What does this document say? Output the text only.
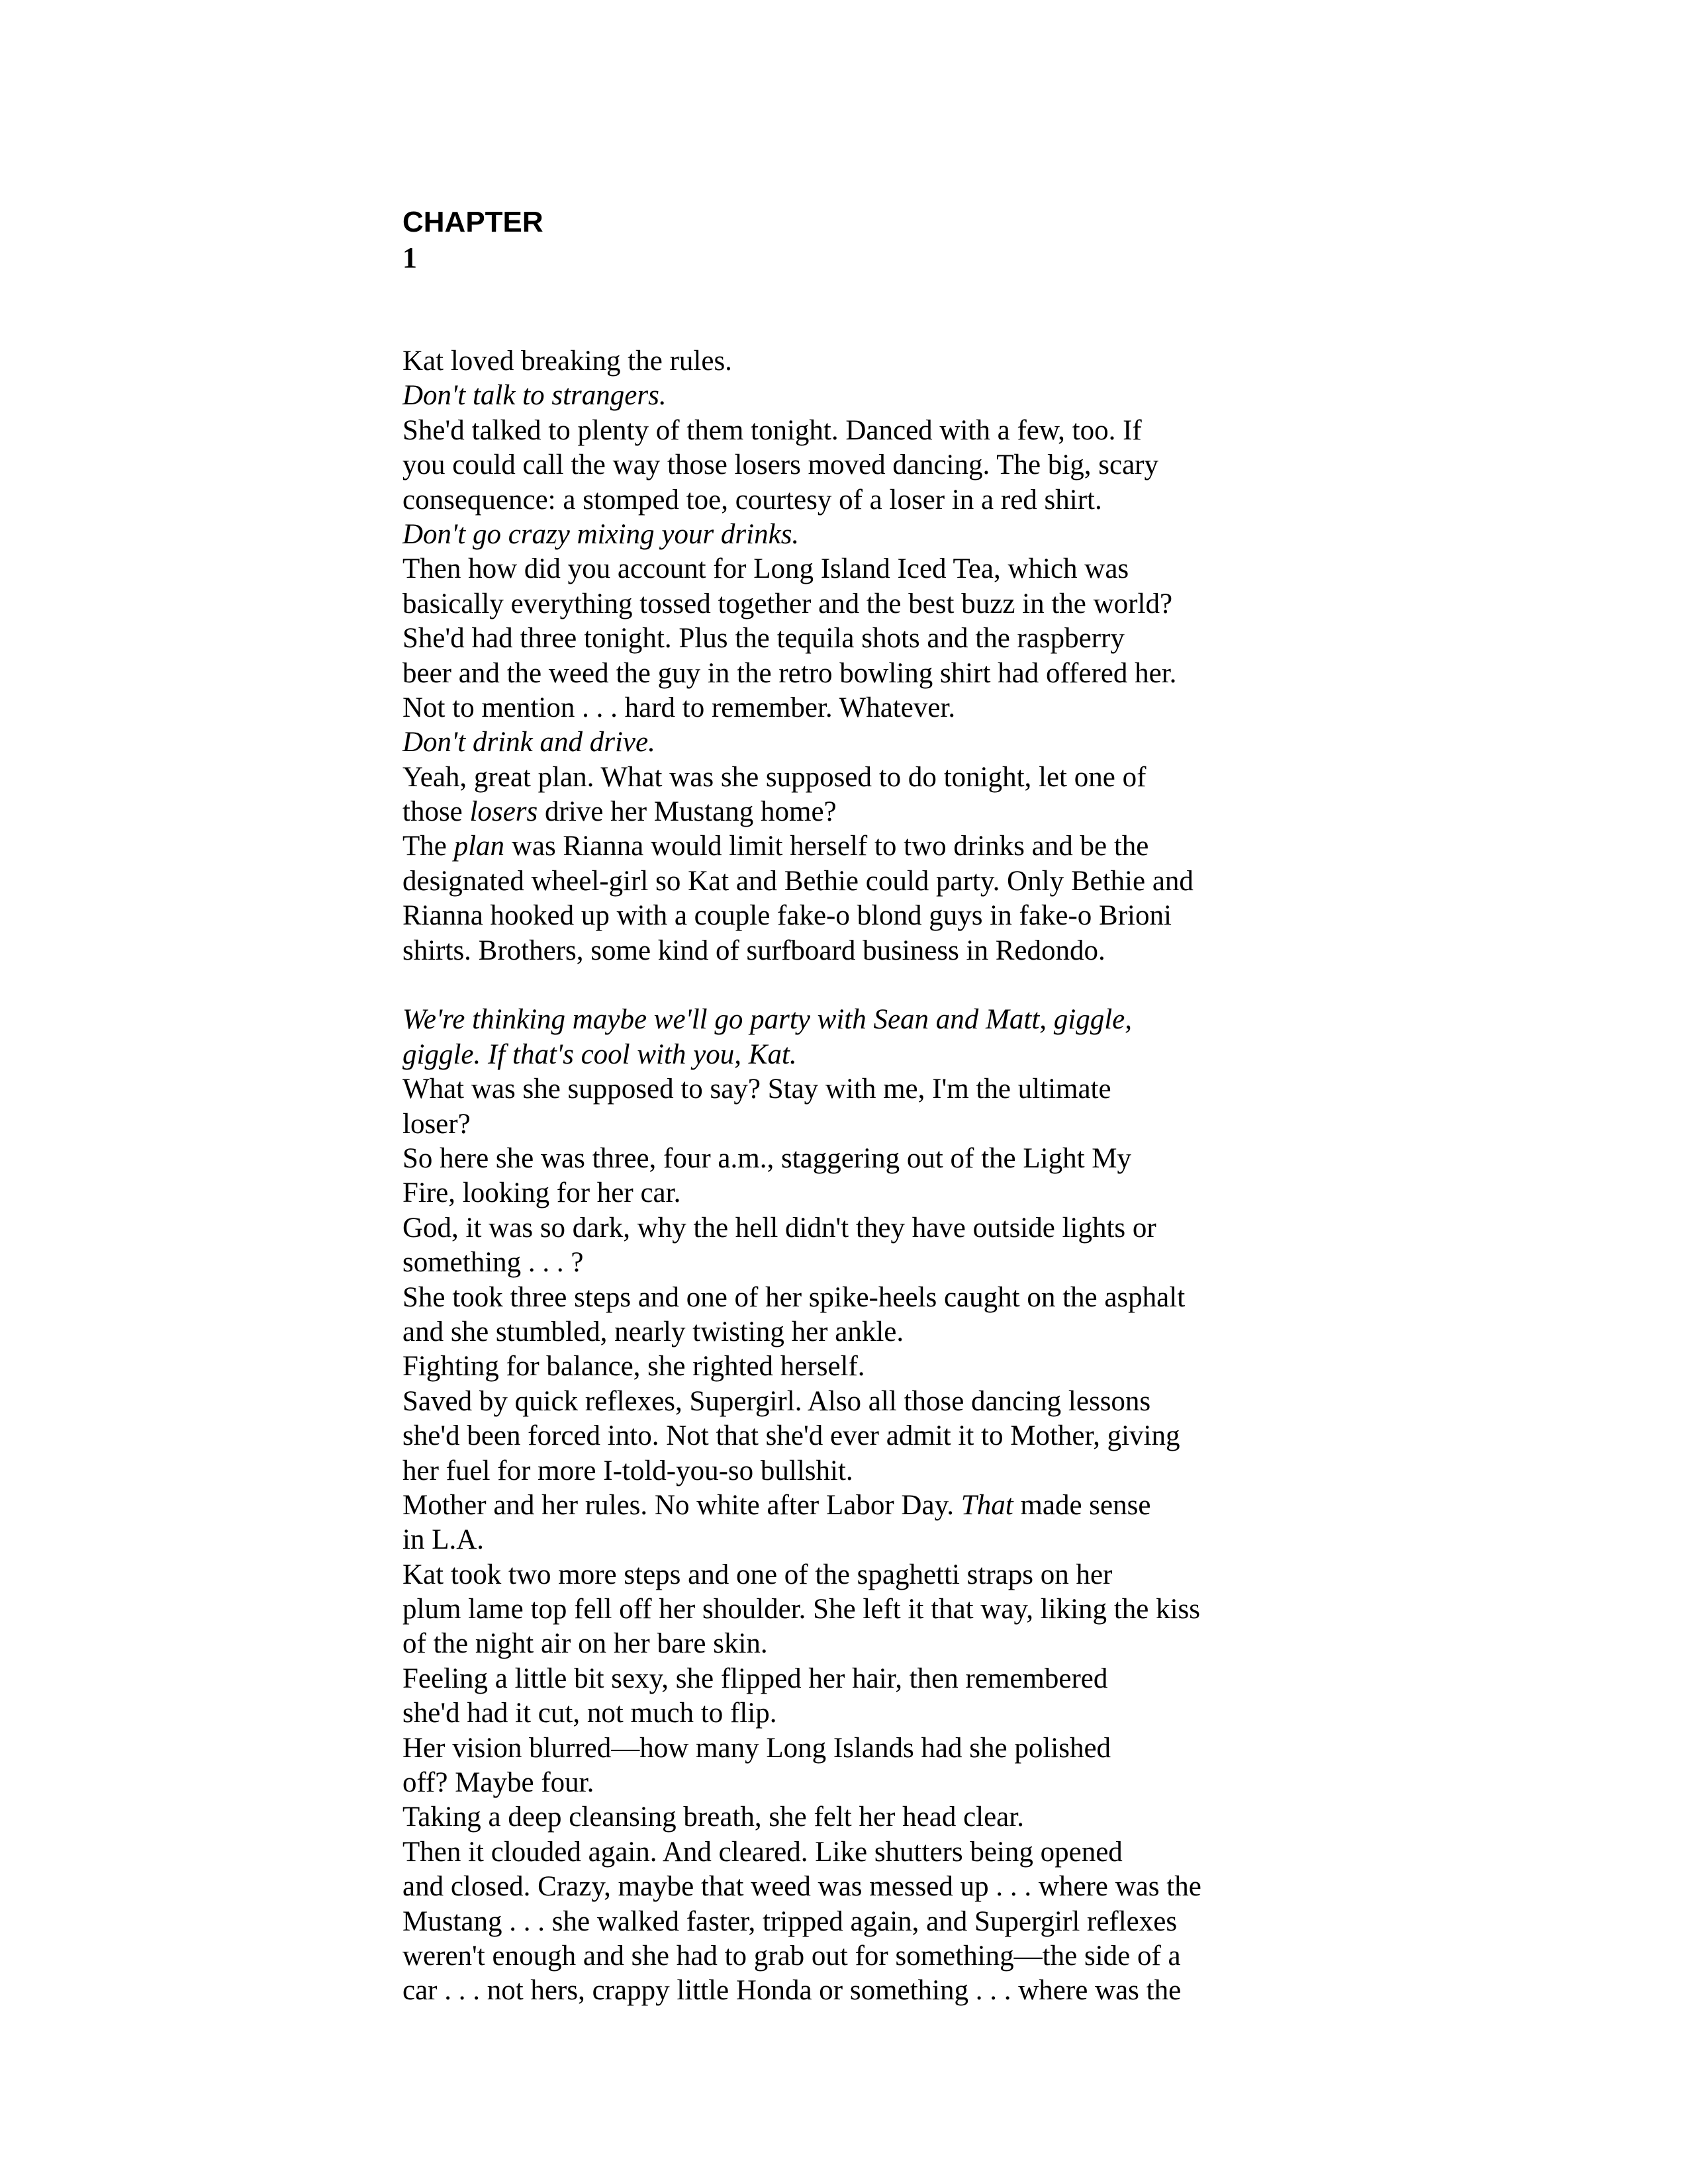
CHAPTER
1
Kat loved breaking the rules.
Don't talk to strangers.
She'd talked to plenty of them tonight. Danced with a few, too. If
you could call the way those losers moved dancing. The big, scary
consequence: a stomped toe, courtesy of a loser in a red shirt.
Don't go crazy mixing your drinks.
Then how did you account for Long Island Iced Tea, which was
basically everything tossed together and the best buzz in the world?
She'd had three tonight. Plus the tequila shots and the raspberry
beer and the weed the guy in the retro bowling shirt had offered her.
Not to mention . . . hard to remember. Whatever.
Don't drink and drive.
Yeah, great plan. What was she supposed to do tonight, let one of
those losers drive her Mustang home?
The plan was Rianna would limit herself to two drinks and be the
designated wheel-girl so Kat and Bethie could party. Only Bethie and
Rianna hooked up with a couple fake-o blond guys in fake-o Brioni
shirts. Brothers, some kind of surfboard business in Redondo.
We're thinking maybe we'll go party with Sean and Matt, giggle,
giggle. If that's cool with you, Kat.
What was she supposed to say? Stay with me, I'm the ultimate
loser?
So here she was three, four a.m., staggering out of the Light My
Fire, looking for her car.
God, it was so dark, why the hell didn't they have outside lights or
something . . . ?
She took three steps and one of her spike-heels caught on the asphalt
and she stumbled, nearly twisting her ankle.
Fighting for balance, she righted herself.
Saved by quick reflexes, Supergirl. Also all those dancing lessons
she'd been forced into. Not that she'd ever admit it to Mother, giving
her fuel for more I-told-you-so bullshit.
Mother and her rules. No white after Labor Day. That made sense
in L.A.
Kat took two more steps and one of the spaghetti straps on her
plum lame top fell off her shoulder. She left it that way, liking the kiss
of the night air on her bare skin.
Feeling a little bit sexy, she flipped her hair, then remembered
she'd had it cut, not much to flip.
Her vision blurred—how many Long Islands had she polished
off? Maybe four.
Taking a deep cleansing breath, she felt her head clear.
Then it clouded again. And cleared. Like shutters being opened
and closed. Crazy, maybe that weed was messed up . . . where was the
Mustang . . . she walked faster, tripped again, and Supergirl reflexes
weren't enough and she had to grab out for something—the side of a
car . . . not hers, crappy little Honda or something . . . where was the
